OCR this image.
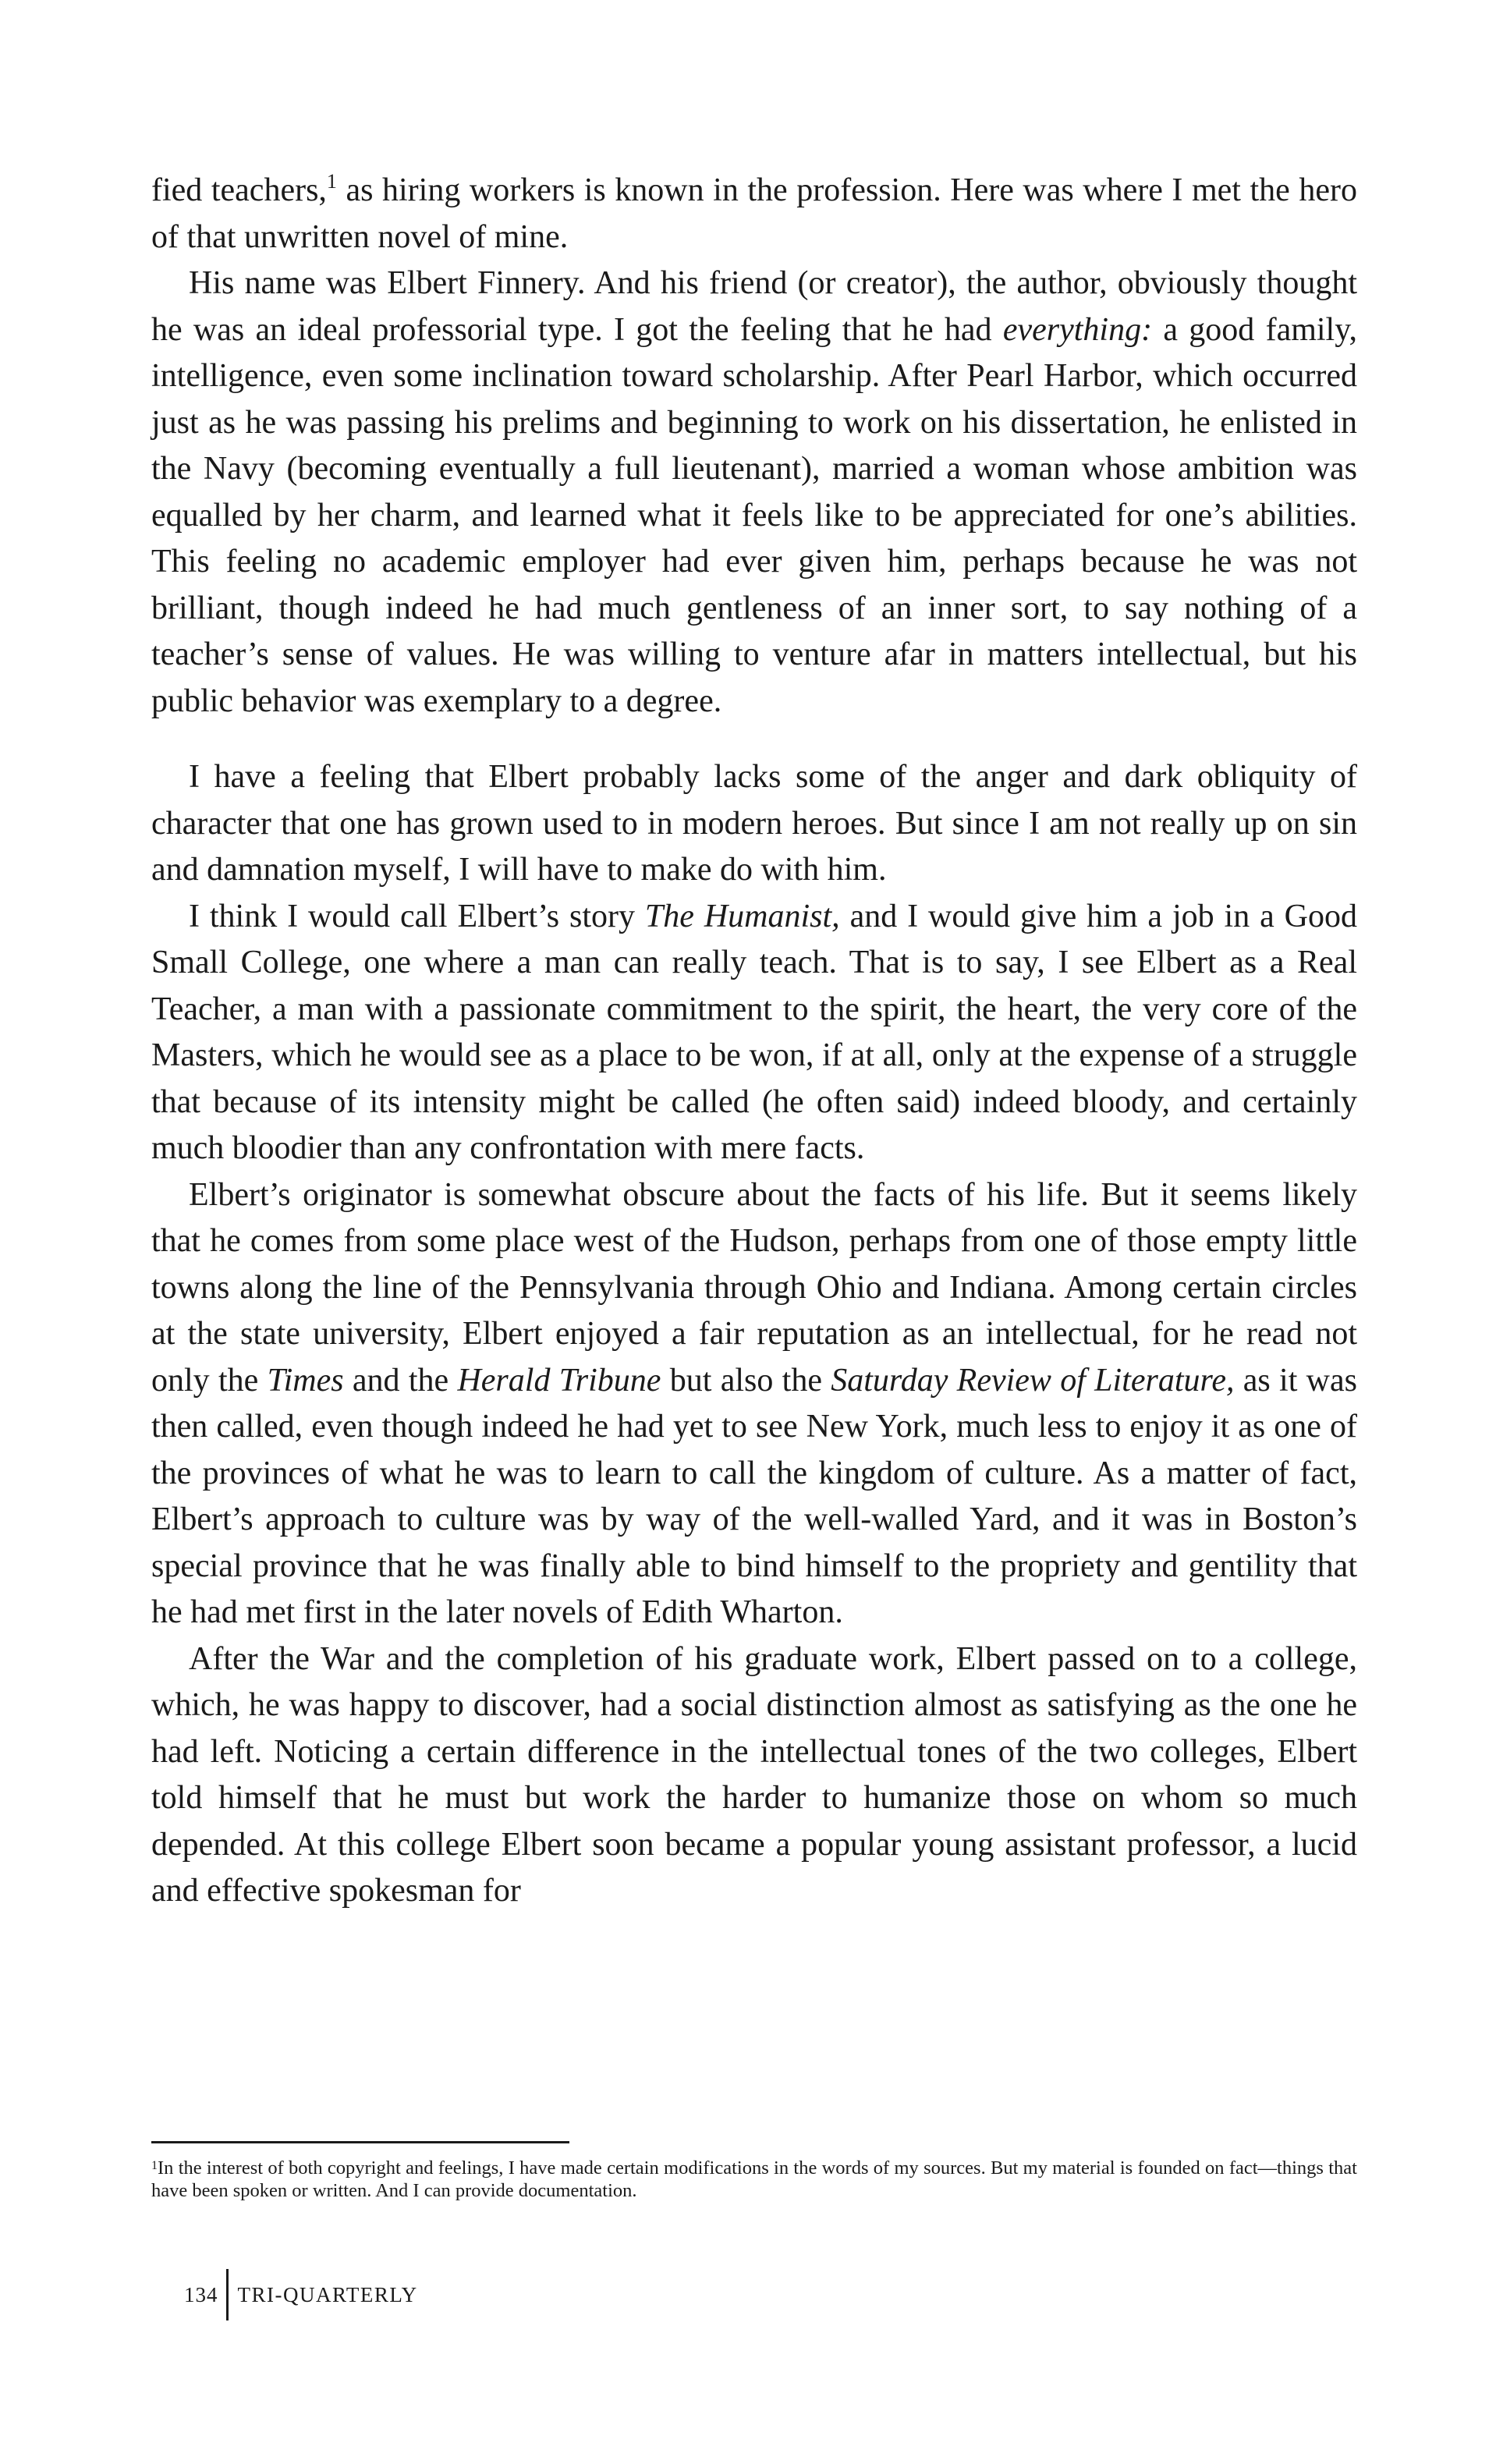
fied teachers,$^1$ as hiring workers is known in the profession. Here was where I met the hero of that unwritten novel of mine.

His name was Elbert Finnery. And his friend (or creator), the author, obviously thought he was an ideal professorial type. I got the feeling that he had everything: a good family, intelligence, even some inclination toward scholarship. After Pearl Harbor, which occurred just as he was passing his prelims and beginning to work on his dissertation, he enlisted in the Navy (becoming eventually a full lieutenant), married a woman whose ambition was equalled by her charm, and learned what it feels like to be appreciated for one’s abilities. This feeling no academic employer had ever given him, perhaps because he was not brilliant, though indeed he had much gentleness of an inner sort, to say nothing of a teacher’s sense of values. He was willing to venture afar in matters intellectual, but his public behavior was exemplary to a degree.

I have a feeling that Elbert probably lacks some of the anger and dark obliquity of character that one has grown used to in modern heroes. But since I am not really up on sin and damnation myself, I will have to make do with him.

I think I would call Elbert’s story The Humanist, and I would give him a job in a Good Small College, one where a man can really teach. That is to say, I see Elbert as a Real Teacher, a man with a passionate commitment to the spirit, the heart, the very core of the Masters, which he would see as a place to be won, if at all, only at the expense of a struggle that because of its intensity might be called (he often said) indeed bloody, and certainly much bloodier than any confrontation with mere facts.

Elbert’s originator is somewhat obscure about the facts of his life. But it seems likely that he comes from some place west of the Hudson, perhaps from one of those empty little towns along the line of the Pennsylvania through Ohio and Indiana. Among certain circles at the state university, Elbert enjoyed a fair reputation as an intellectual, for he read not only the Times and the Herald Tribune but also the Saturday Review of Literature, as it was then called, even though indeed he had yet to see New York, much less to enjoy it as one of the provinces of what he was to learn to call the kingdom of culture. As a matter of fact, Elbert’s approach to culture was by way of the well-walled Yard, and it was in Boston’s special province that he was finally able to bind himself to the propriety and gentility that he had met first in the later novels of Edith Wharton.

After the War and the completion of his graduate work, Elbert passed on to a college, which, he was happy to discover, had a social distinction almost as satisfying as the one he had left. Noticing a certain difference in the intellectual tones of the two colleges, Elbert told himself that he must but work the harder to humanize those on whom so much depended. At this college Elbert soon became a popular young assistant professor, a lucid and effective spokesman for

$^1$In the interest of both copyright and feelings, I have made certain modifications in the words of my sources. But my material is founded on fact—things that have been spoken or written. And I can provide documentation.

134 TRI-QUARTERLY
